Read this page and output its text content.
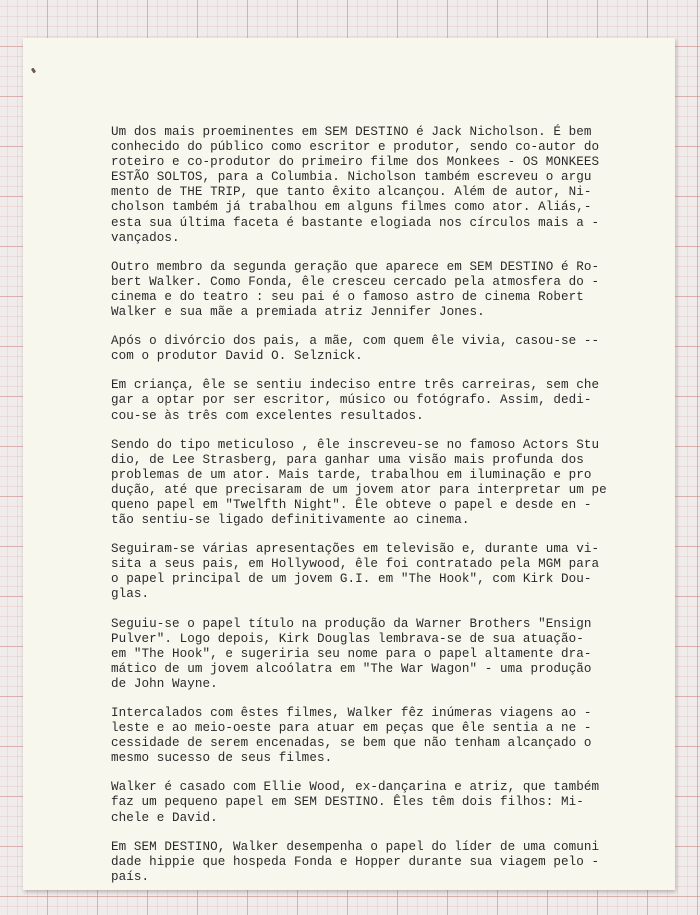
Um dos mais proeminentes em SEM DESTINO é Jack Nicholson. É bem
conhecido do público como escritor e produtor, sendo co-autor do
roteiro e co-produtor do primeiro filme dos Monkees - OS MONKEES
ESTÃO SOLTOS, para a Columbia. Nicholson também escreveu o argu
mento de THE TRIP, que tanto êxito alcançou. Além de autor, Ni-
cholson também já trabalhou em alguns filmes como ator. Aliás,-
esta sua última faceta é bastante elogiada nos círculos mais a -
vançados.

Outro membro da segunda geração que aparece em SEM DESTINO é Ro-
bert Walker. Como Fonda, êle cresceu cercado pela atmosfera do -
cinema e do teatro : seu pai é o famoso astro de cinema Robert
Walker e sua mãe a premiada atriz Jennifer Jones.

Após o divórcio dos pais, a mãe, com quem êle vivia, casou-se --
com o produtor David O. Selznick.

Em criança, êle se sentiu indeciso entre três carreiras, sem che
gar a optar por ser escritor, músico ou fotógrafo. Assim, dedi-
cou-se às três com excelentes resultados.

Sendo do tipo meticuloso , êle inscreveu-se no famoso Actors Stu
dio, de Lee Strasberg, para ganhar uma visão mais profunda dos
problemas de um ator. Mais tarde, trabalhou em iluminação e pro
dução, até que precisaram de um jovem ator para interpretar um pe
queno papel em "Twelfth Night". Êle obteve o papel e desde en -
tão sentiu-se ligado definitivamente ao cinema.

Seguiram-se várias apresentações em televisão e, durante uma vi-
sita a seus pais, em Hollywood, êle foi contratado pela MGM para
o papel principal de um jovem G.I. em "The Hook", com Kirk Dou-
glas.

Seguiu-se o papel título na produção da Warner Brothers "Ensign
Pulver". Logo depois, Kirk Douglas lembrava-se de sua atuação-
em "The Hook", e sugeriria seu nome para o papel altamente dra-
mático de um jovem alcoólatra em "The War Wagon" - uma produção
de John Wayne.

Intercalados com êstes filmes, Walker fêz inúmeras viagens ao -
leste e ao meio-oeste para atuar em peças que êle sentia a ne -
cessidade de serem encenadas, se bem que não tenham alcançado o
mesmo sucesso de seus filmes.

Walker é casado com Ellie Wood, ex-dançarina e atriz, que também
faz um pequeno papel em SEM DESTINO. Êles têm dois filhos: Mi-
chele e David.

Em SEM DESTINO, Walker desempenha o papel do líder de uma comuni
dade hippie que hospeda Fonda e Hopper durante sua viagem pelo -
país.
